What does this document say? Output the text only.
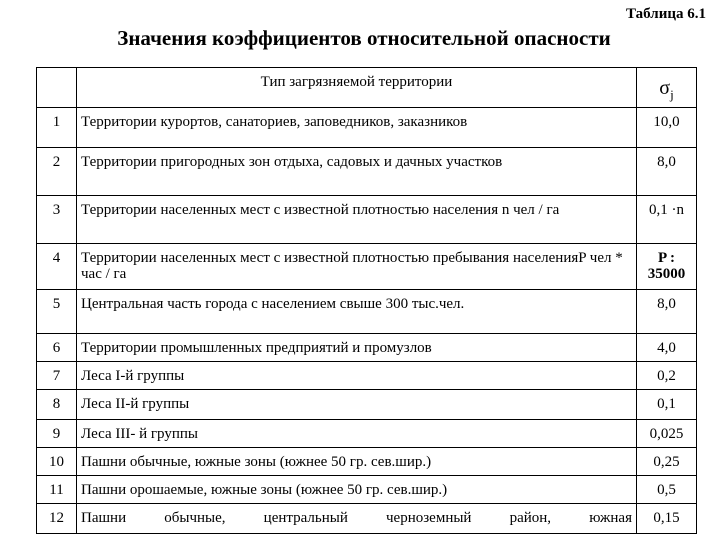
Таблица 6.1
Значения коэффициентов относительной опасности
	Тип загрязняемой территории	$\sigma_j$
1	Территории курортов, санаториев, заповедников, заказников	10,0
2	Территории пригородных зон отдыха, садовых и дачных участков	8,0
3	Территории населенных мест с известной плотностью населения n чел / га	0,1 ·n
4	Территории населенных мест с известной плотностью пребывания населенияP чел * час / га	P : 35000
5	Центральная часть города с населением свыше 300 тыс.чел.	8,0
6	Территории промышленных предприятий и промузлов	4,0
7	Леса I-й группы	0,2
8	Леса II-й группы	0,1
9	Леса III- й группы	0,025
10	Пашни обычные, южные зоны (южнее 50 гр. сев.шир.)	0,25
11	Пашни орошаемые, южные зоны (южнее 50 гр. сев.шир.)	0,5
12	Пашни обычные, центральный черноземный район, южная	0,15
